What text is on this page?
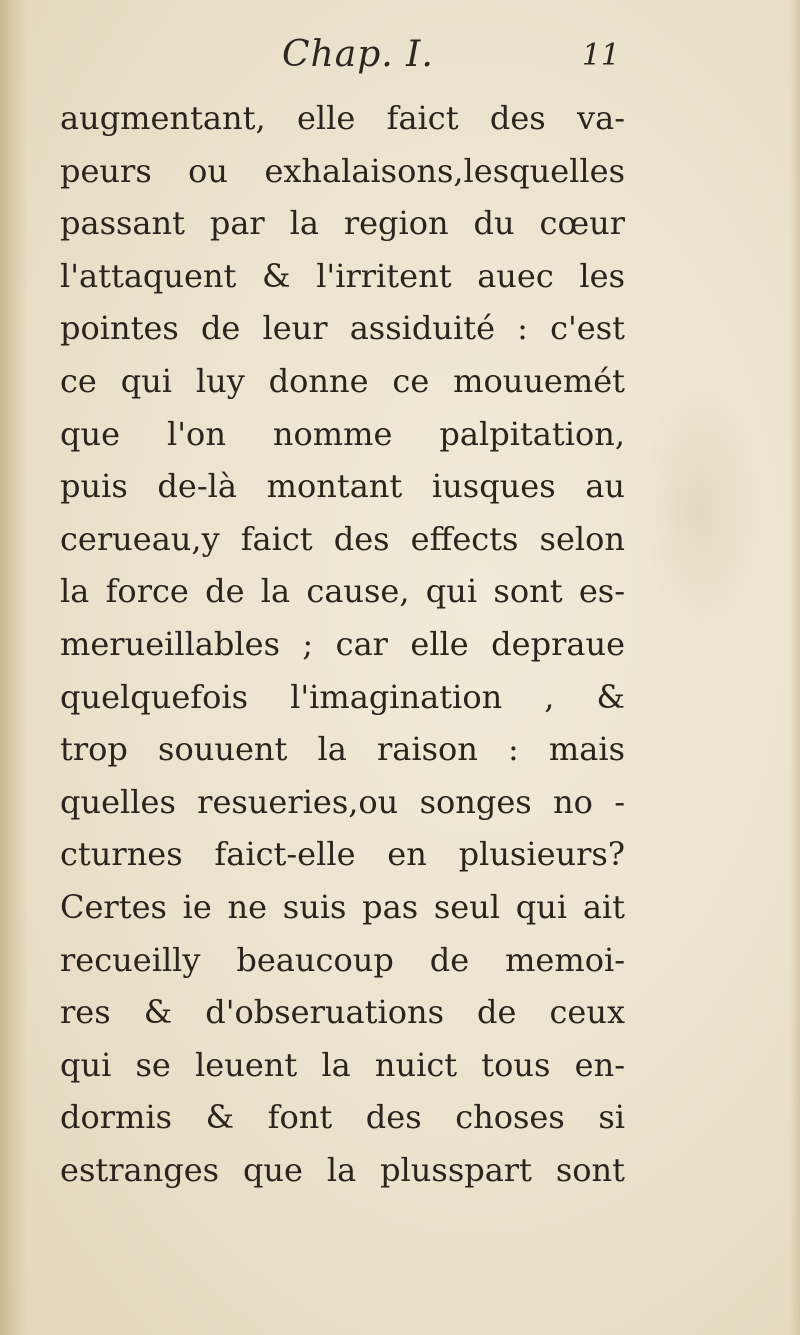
Chap. I.	11
augmentant, elle faict des va-
peurs ou exhalaisons,lesquelles
passant par la region du cœur
l'attaquent & l'irritent auec les
pointes de leur assiduité : c'est
ce qui luy donne ce mouuemét
que l'on nomme palpitation,
puis de-là montant iusques au
cerueau,y faict des effects selon
la force de la cause, qui sont es-
merueillables ; car elle depraue
quelquefois l'imagination , &
trop souuent la raison : mais
quelles resueries,ou songes no -
cturnes faict-elle en plusieurs?
Certes ie ne suis pas seul qui ait
recueilly beaucoup de memoi-
res & d'obseruations de ceux
qui se leuent la nuict tous en-
dormis & font des choses si
estranges que la plusspart sont
